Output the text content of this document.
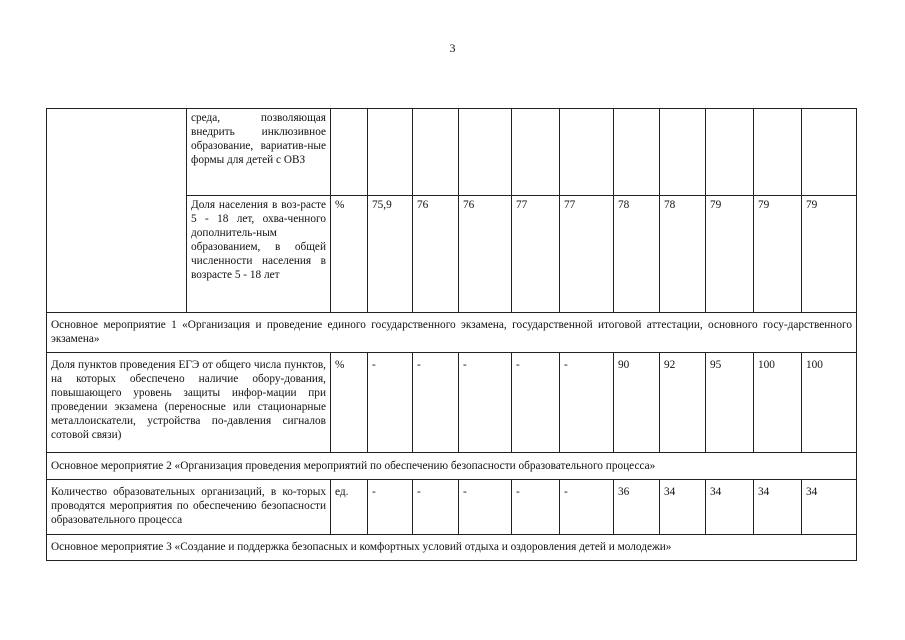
3
	среда, позволяющая внедрить инклюзивное образование, вариатив-ные формы для детей с ОВЗ											
	Доля населения в воз-расте 5 - 18 лет, охва-ченного дополнитель-ным образованием, в общей численности населения в возрасте 5 - 18 лет	%	75,9	76	76	77	77	78	78	79	79	79
Основное мероприятие 1 «Организация и проведение единого государственного экзамена, государственной итоговой аттестации, основного госу-дарственного экзамена»												
Доля пунктов проведения ЕГЭ от общего числа пунктов, на которых обеспечено наличие обору-дования, повышающего уровень защиты инфор-мации при проведении экзамена (переносные или стационарные металлоискатели, устройства по-давления сигналов сотовой связи)		%	-	-	-	-	-	90	92	95	100	100
Основное мероприятие 2 «Организация проведения мероприятий по обеспечению безопасности образовательного процесса»												
Количество образовательных организаций, в ко-торых проводятся мероприятия по обеспечению безопасности образовательного процесса		ед.	-	-	-	-	-	36	34	34	34	34
Основное мероприятие 3 «Создание и поддержка безопасных и комфортных условий отдыха и оздоровления детей и молодежи»												
